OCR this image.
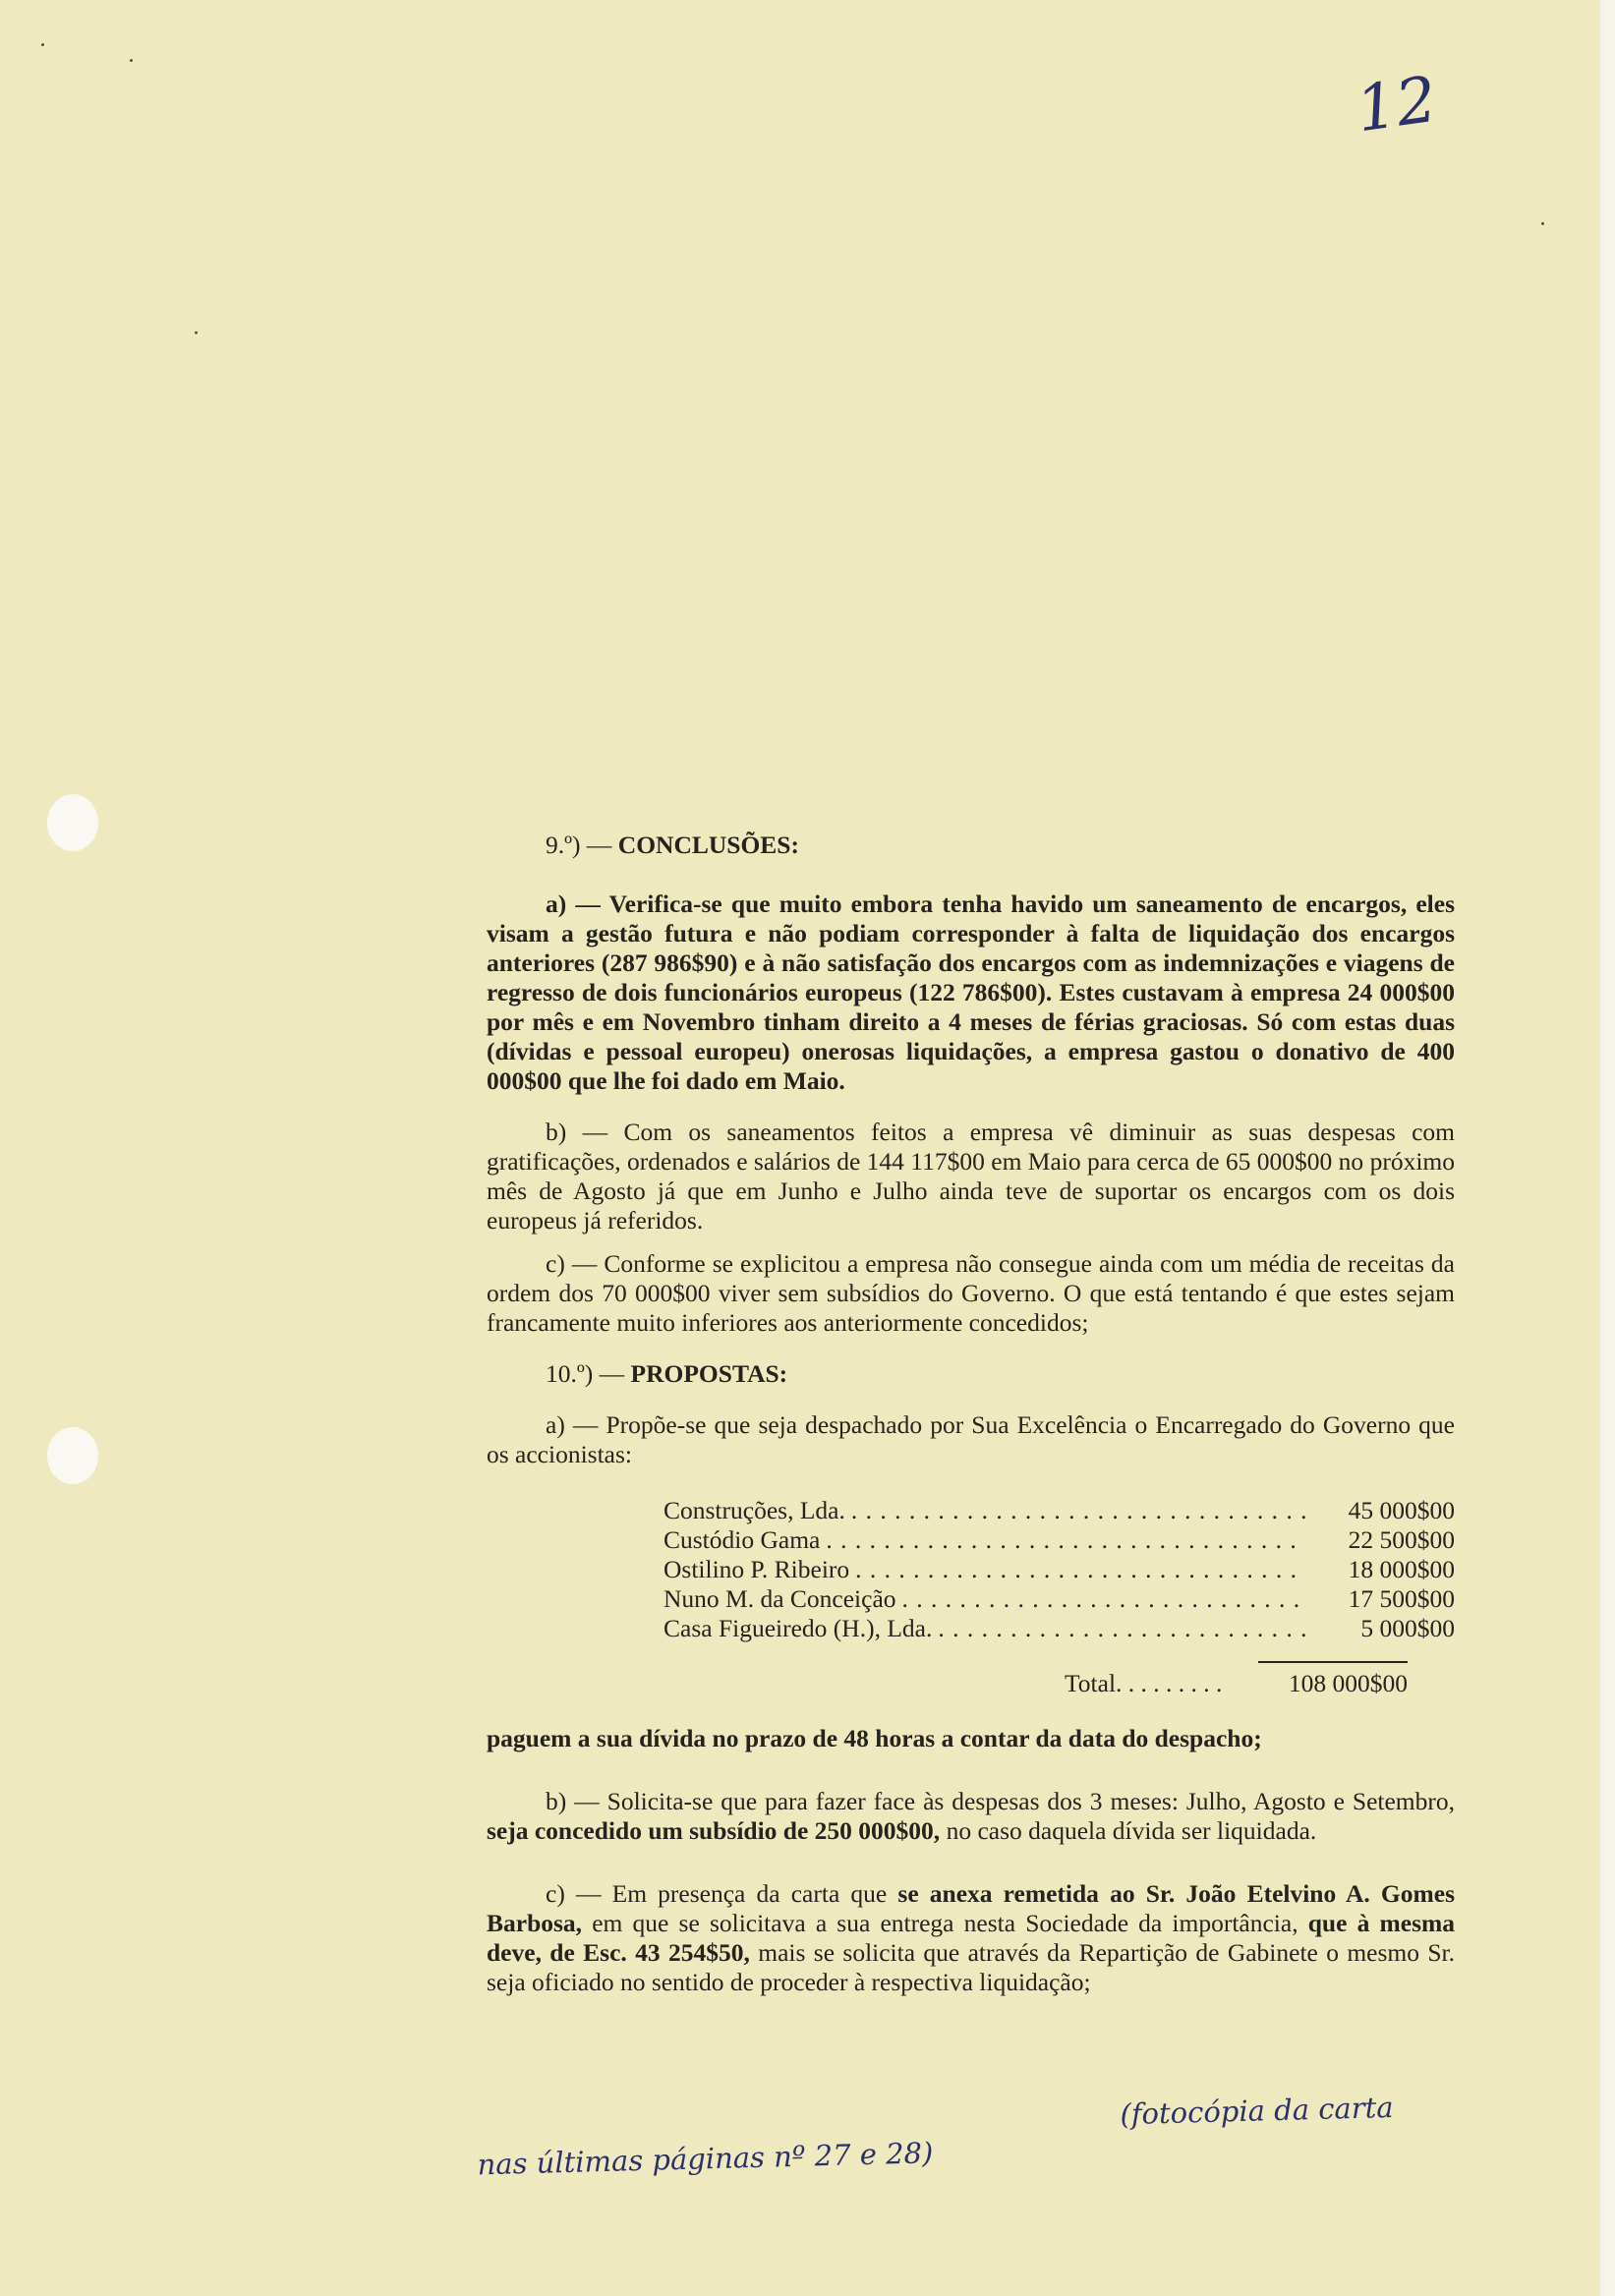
12

9.º) — CONCLUSÕES:

a) — Verifica-se que muito embora tenha havido um saneamento de encargos, eles visam a gestão futura e não podiam corresponder à falta de liquidação dos encargos anteriores (287 986$90) e à não satisfação dos encargos com as indemnizações e viagens de regresso de dois funcionários europeus (122 786$00). Estes custavam à empresa 24 000$00 por mês e em Novembro tinham direito a 4 meses de férias graciosas. Só com estas duas (dívidas e pessoal europeu) onerosas liquidações, a empresa gastou o donativo de 400 000$00 que lhe foi dado em Maio.

b) — Com os saneamentos feitos a empresa vê diminuir as suas despesas com gratificações, ordenados e salários de 144 117$00 em Maio para cerca de 65 000$00 no próximo mês de Agosto já que em Junho e Julho ainda teve de suportar os encargos com os dois europeus já referidos.

c) — Conforme se explicitou a empresa não consegue ainda com um média de receitas da ordem dos 70 000$00 viver sem subsídios do Governo. O que está tentando é que estes sejam francamente muito inferiores aos anteriormente concedidos;

10.º) — PROPOSTAS:

a) — Propõe-se que seja despachado por Sua Excelência o Encarregado do Governo que os accionistas:

Construções, Lda. . . .	45 000$00
Custódio Gama . . .	22 500$00
Ostilino P. Ribeiro . . .	18 000$00
Nuno M. da Conceição . . .	17 500$00
Casa Figueiredo (H.), Lda. . . .	5 000$00
Total . . .	108 000$00

paguem a sua dívida no prazo de 48 horas a contar da data do despacho;

b) — Solicita-se que para fazer face às despesas dos 3 meses: Julho, Agosto e Setembro, seja concedido um subsídio de 250 000$00, no caso daquela dívida ser liquidada.

c) — Em presença da carta que se anexa remetida ao Sr. João Etelvino A. Gomes Barbosa, em que se solicitava a sua entrega nesta Sociedade da importância, que à mesma deve, de Esc. 43 254$50, mais se solicita que através da Repartição de Gabinete o mesmo Sr. seja oficiado no sentido de proceder à respectiva liquidação;

(fotocópia da carta
nas últimas páginas nº 27 e 28)
